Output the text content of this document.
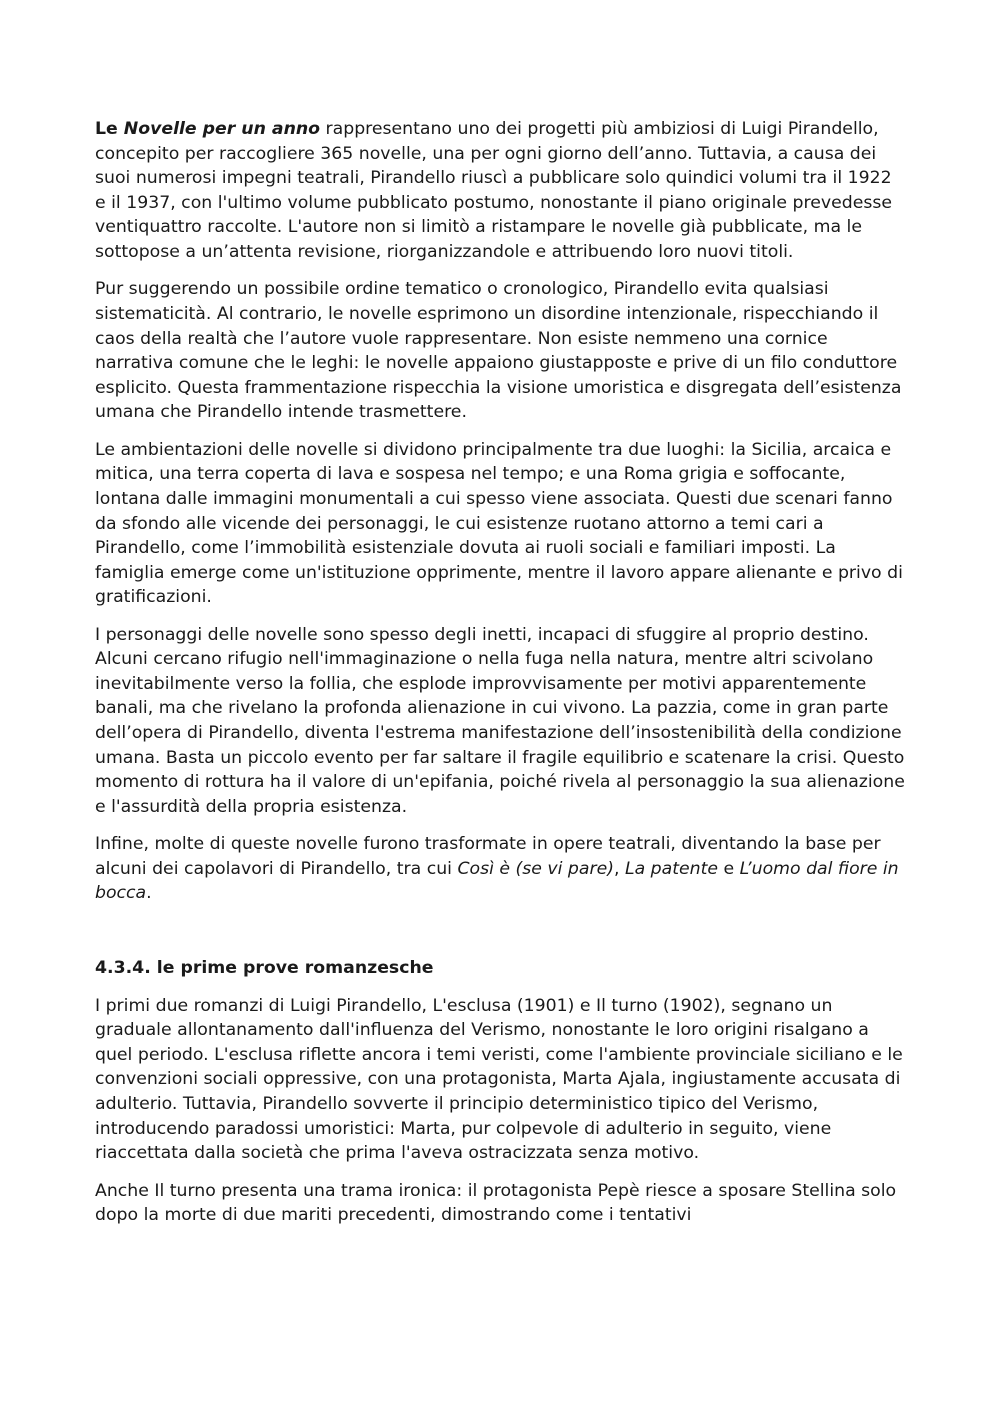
Le Novelle per un anno rappresentano uno dei progetti più ambiziosi di Luigi Pirandello, concepito per raccogliere 365 novelle, una per ogni giorno dell’anno. Tuttavia, a causa dei suoi numerosi impegni teatrali, Pirandello riuscì a pubblicare solo quindici volumi tra il 1922 e il 1937, con l'ultimo volume pubblicato postumo, nonostante il piano originale prevedesse ventiquattro raccolte. L'autore non si limitò a ristampare le novelle già pubblicate, ma le sottopose a un’attenta revisione, riorganizzandole e attribuendo loro nuovi titoli.

Pur suggerendo un possibile ordine tematico o cronologico, Pirandello evita qualsiasi sistematicità. Al contrario, le novelle esprimono un disordine intenzionale, rispecchiando il caos della realtà che l’autore vuole rappresentare. Non esiste nemmeno una cornice narrativa comune che le leghi: le novelle appaiono giustapposte e prive di un filo conduttore esplicito. Questa frammentazione rispecchia la visione umoristica e disgregata dell’esistenza umana che Pirandello intende trasmettere.

Le ambientazioni delle novelle si dividono principalmente tra due luoghi: la Sicilia, arcaica e mitica, una terra coperta di lava e sospesa nel tempo; e una Roma grigia e soffocante, lontana dalle immagini monumentali a cui spesso viene associata. Questi due scenari fanno da sfondo alle vicende dei personaggi, le cui esistenze ruotano attorno a temi cari a Pirandello, come l’immobilità esistenziale dovuta ai ruoli sociali e familiari imposti. La famiglia emerge come un'istituzione opprimente, mentre il lavoro appare alienante e privo di gratificazioni.

I personaggi delle novelle sono spesso degli inetti, incapaci di sfuggire al proprio destino. Alcuni cercano rifugio nell'immaginazione o nella fuga nella natura, mentre altri scivolano inevitabilmente verso la follia, che esplode improvvisamente per motivi apparentemente banali, ma che rivelano la profonda alienazione in cui vivono. La pazzia, come in gran parte dell’opera di Pirandello, diventa l'estrema manifestazione dell’insostenibilità della condizione umana. Basta un piccolo evento per far saltare il fragile equilibrio e scatenare la crisi. Questo momento di rottura ha il valore di un'epifania, poiché rivela al personaggio la sua alienazione e l'assurdità della propria esistenza.

Infine, molte di queste novelle furono trasformate in opere teatrali, diventando la base per alcuni dei capolavori di Pirandello, tra cui Così è (se vi pare), La patente e L’uomo dal fiore in bocca.

4.3.4. le prime prove romanzesche

I primi due romanzi di Luigi Pirandello, L'esclusa (1901) e Il turno (1902), segnano un graduale allontanamento dall'influenza del Verismo, nonostante le loro origini risalgano a quel periodo. L'esclusa riflette ancora i temi veristi, come l'ambiente provinciale siciliano e le convenzioni sociali oppressive, con una protagonista, Marta Ajala, ingiustamente accusata di adulterio. Tuttavia, Pirandello sovverte il principio deterministico tipico del Verismo, introducendo paradossi umoristici: Marta, pur colpevole di adulterio in seguito, viene riaccettata dalla società che prima l'aveva ostracizzata senza motivo.

Anche Il turno presenta una trama ironica: il protagonista Pepè riesce a sposare Stellina solo dopo la morte di due mariti precedenti, dimostrando come i tentativi
